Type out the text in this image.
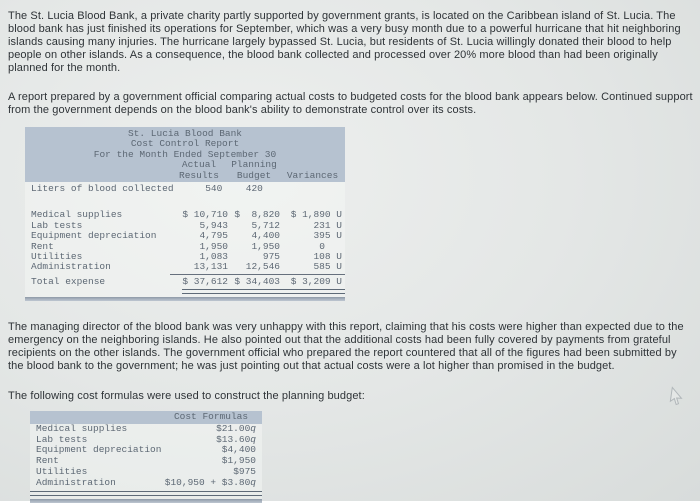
The St. Lucia Blood Bank, a private charity partly supported by government grants, is located on the Caribbean island of St. Lucia. The blood bank has just finished its operations for September, which was a very busy month due to a powerful hurricane that hit neighboring islands causing many injuries. The hurricane largely bypassed St. Lucia, but residents of St. Lucia willingly donated their blood to help people on other islands. As a consequence, the blood bank collected and processed over 20% more blood than had been originally planned for the month.

A report prepared by a government official comparing actual costs to budgeted costs for the blood bank appears below. Continued support from the government depends on the blood bank's ability to demonstrate control over its costs.

St. Lucia Blood Bank
Cost Control Report
For the Month Ended September 30
Actual	Planning
Results	Budget	Variances
Liters of blood collected	540	420
Medical supplies	$ 10,710 $  8,820	$ 1,890 U
Lab tests	5,943	5,712	231 U
Equipment depreciation	4,795	4,400	395 U
Rent	1,950	1,950	0
Utilities	1,083	975	108 U
Administration	13,131	12,546	585 U
Total expense	$ 37,612 $ 34,403	$ 3,209 U

The managing director of the blood bank was very unhappy with this report, claiming that his costs were higher than expected due to the emergency on the neighboring islands. He also pointed out that the additional costs had been fully covered by payments from grateful recipients on the other islands. The government official who prepared the report countered that all of the figures had been submitted by the blood bank to the government; he was just pointing out that actual costs were a lot higher than promised in the budget.

The following cost formulas were used to construct the planning budget:

Cost Formulas
Medical supplies	$21.00q
Lab tests	$13.60q
Equipment depreciation	$4,400
Rent	$1,950
Utilities	$975
Administration	$10,950 + $3.80q
